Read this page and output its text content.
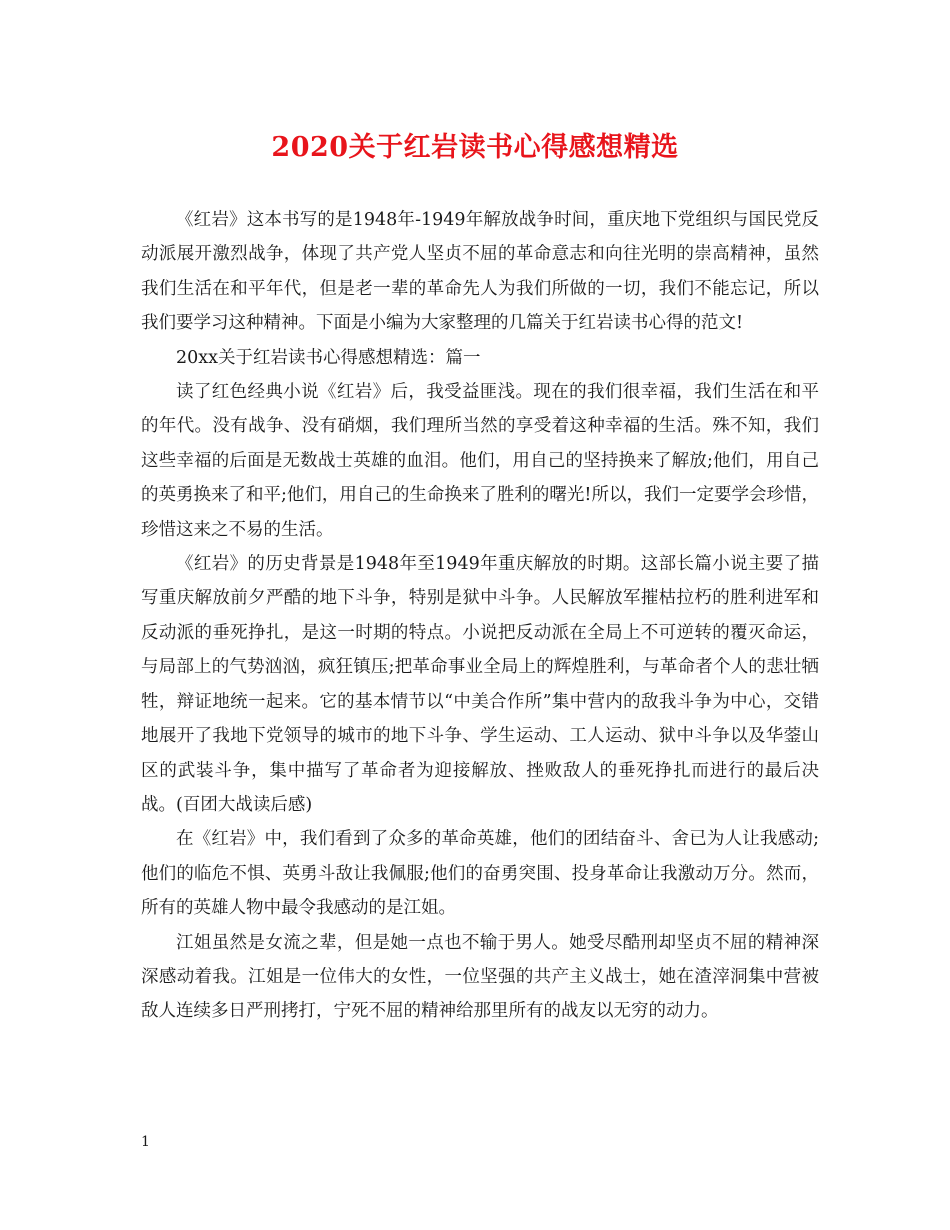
2020关于红岩读书心得感想精选

《红岩》这本书写的是1948年-1949年解放战争时间，重庆地下党组织与国民党反动派展开激烈战争，体现了共产党人坚贞不屈的革命意志和向往光明的崇高精神，虽然我们生活在和平年代，但是老一辈的革命先人为我们所做的一切，我们不能忘记，所以我们要学习这种精神。下面是小编为大家整理的几篇关于红岩读书心得的范文!

20xx关于红岩读书心得感想精选：篇一

读了红色经典小说《红岩》后，我受益匪浅。现在的我们很幸福，我们生活在和平的年代。没有战争、没有硝烟，我们理所当然的享受着这种幸福的生活。殊不知，我们这些幸福的后面是无数战士英雄的血泪。他们，用自己的坚持换来了解放;他们，用自己的英勇换来了和平;他们，用自己的生命换来了胜利的曙光!所以，我们一定要学会珍惜，珍惜这来之不易的生活。

《红岩》的历史背景是1948年至1949年重庆解放的时期。这部长篇小说主要了描写重庆解放前夕严酷的地下斗争，特别是狱中斗争。人民解放军摧枯拉朽的胜利进军和反动派的垂死挣扎，是这一时期的特点。小说把反动派在全局上不可逆转的覆灭命运，与局部上的气势汹汹，疯狂镇压;把革命事业全局上的辉煌胜利，与革命者个人的悲壮牺牲，辩证地统一起来。它的基本情节以“中美合作所”集中营内的敌我斗争为中心，交错地展开了我地下党领导的城市的地下斗争、学生运动、工人运动、狱中斗争以及华蓥山区的武装斗争，集中描写了革命者为迎接解放、挫败敌人的垂死挣扎而进行的最后决战。(百团大战读后感)

在《红岩》中，我们看到了众多的革命英雄，他们的团结奋斗、舍已为人让我感动;他们的临危不惧、英勇斗敌让我佩服;他们的奋勇突围、投身革命让我激动万分。然而，所有的英雄人物中最令我感动的是江姐。

江姐虽然是女流之辈，但是她一点也不输于男人。她受尽酷刑却坚贞不屈的精神深深感动着我。江姐是一位伟大的女性，一位坚强的共产主义战士，她在渣滓洞集中营被敌人连续多日严刑拷打，宁死不屈的精神给那里所有的战友以无穷的动力。

1
